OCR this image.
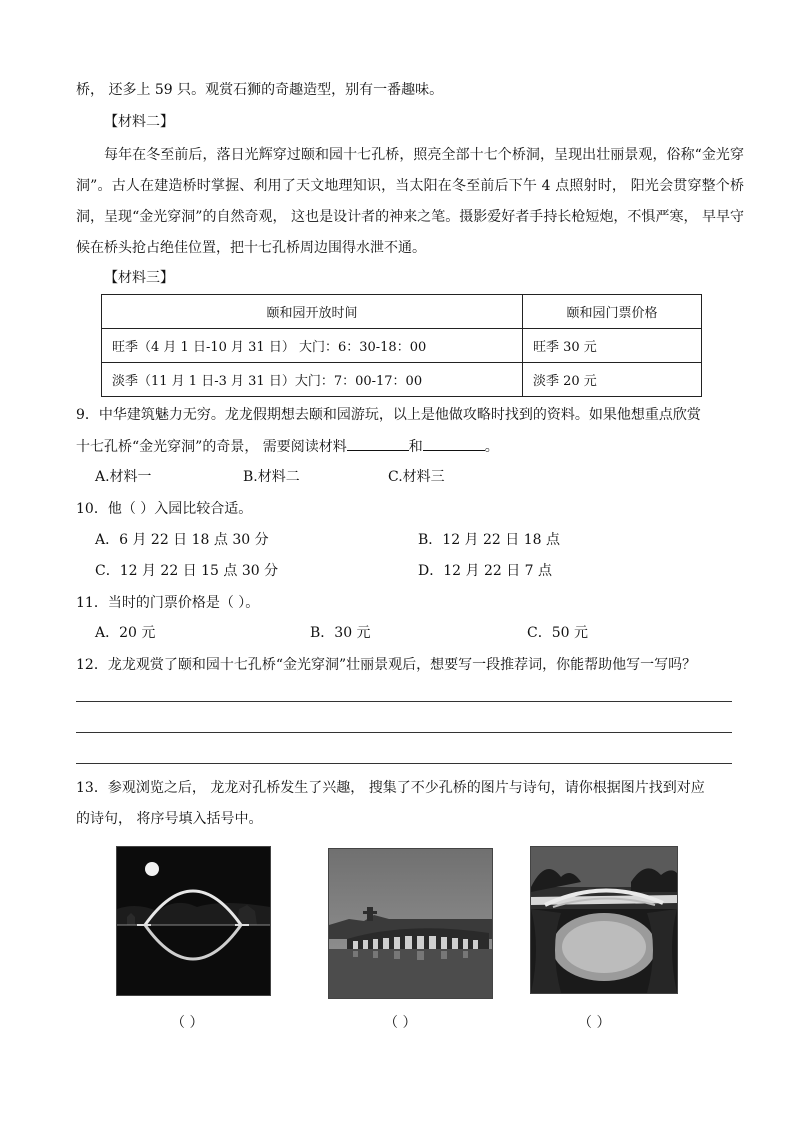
桥， 还多上 59 只。观赏石狮的奇趣造型，别有一番趣味。
【材料二】
每年在冬至前后，落日光辉穿过颐和园十七孔桥，照亮全部十七个桥洞，呈现出壮丽景观，俗称“金光穿洞”。古人在建造桥时掌握、利用了天文地理知识，当太阳在冬至前后下午 4 点照射时， 阳光会贯穿整个桥洞，呈现“金光穿洞”的自然奇观， 这也是设计者的神来之笔。摄影爱好者手持长枪短炮，不惧严寒， 早早守候在桥头抢占绝佳位置，把十七孔桥周边围得水泄不通。
【材料三】
颐和园开放时间	颐和园门票价格
旺季（4 月 1 日-10 月 31 日） 大门：6：30-18：00	旺季 30 元
淡季（11 月 1 日-3 月 31 日）大门：7：00-17：00	淡季 20 元
9．中华建筑魅力无穷。龙龙假期想去颐和园游玩，以上是他做攻略时找到的资料。如果他想重点欣赏
十七孔桥“金光穿洞”的奇景， 需要阅读材料	和	。
A.材料一	B.材料二	C.材料三
10．他（ ）入园比较合适。
A．6 月 22 日 18 点 30 分	B．12 月 22 日 18 点
C．12 月 22 日 15 点 30 分	D．12 月 22 日 7 点
11．当时的门票价格是（ ）。
A．20 元	B．30 元	C．50 元
12．龙龙观赏了颐和园十七孔桥“金光穿洞”壮丽景观后，想要写一段推荐词，你能帮助他写一写吗？
13．参观浏览之后， 龙龙对孔桥发生了兴趣， 搜集了不少孔桥的图片与诗句，请你根据图片找到对应
的诗句， 将序号填入括号中。
（ ）	（ ）	（ ）
